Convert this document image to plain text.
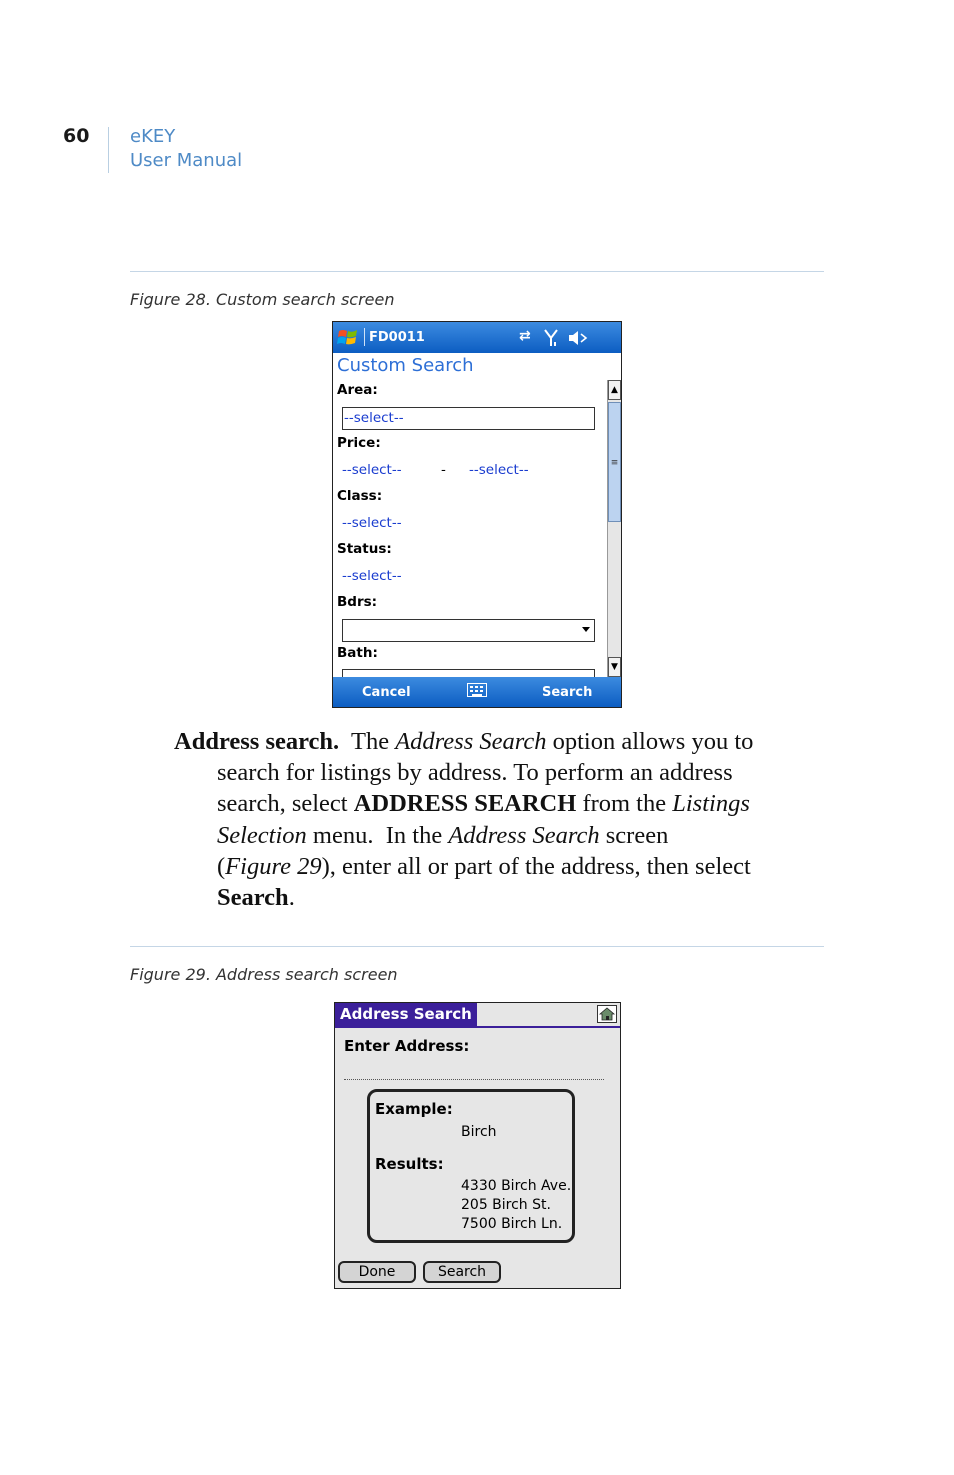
60 eKEY
User Manual
Figure 28. Custom search screen
FD0011	⇄
Custom Search
Area:
--select--
Price:
--select--	- --select--
Class:
--select--
Status:
--select--
Bdrs:
Bath:
▲
≡
▼
Cancel	Search
Address search.  The Address Search option allows you to
search for listings by address. To perform an address
search, select ADDRESS SEARCH from the Listings
Selection menu.  In the Address Search screen
(Figure 29), enter all or part of the address, then select
Search.
Figure 29. Address search screen
Address Search
Enter Address:
Example:
Birch
Results:
4330 Birch Ave.
205 Birch St.
7500 Birch Ln.
Done	Search
